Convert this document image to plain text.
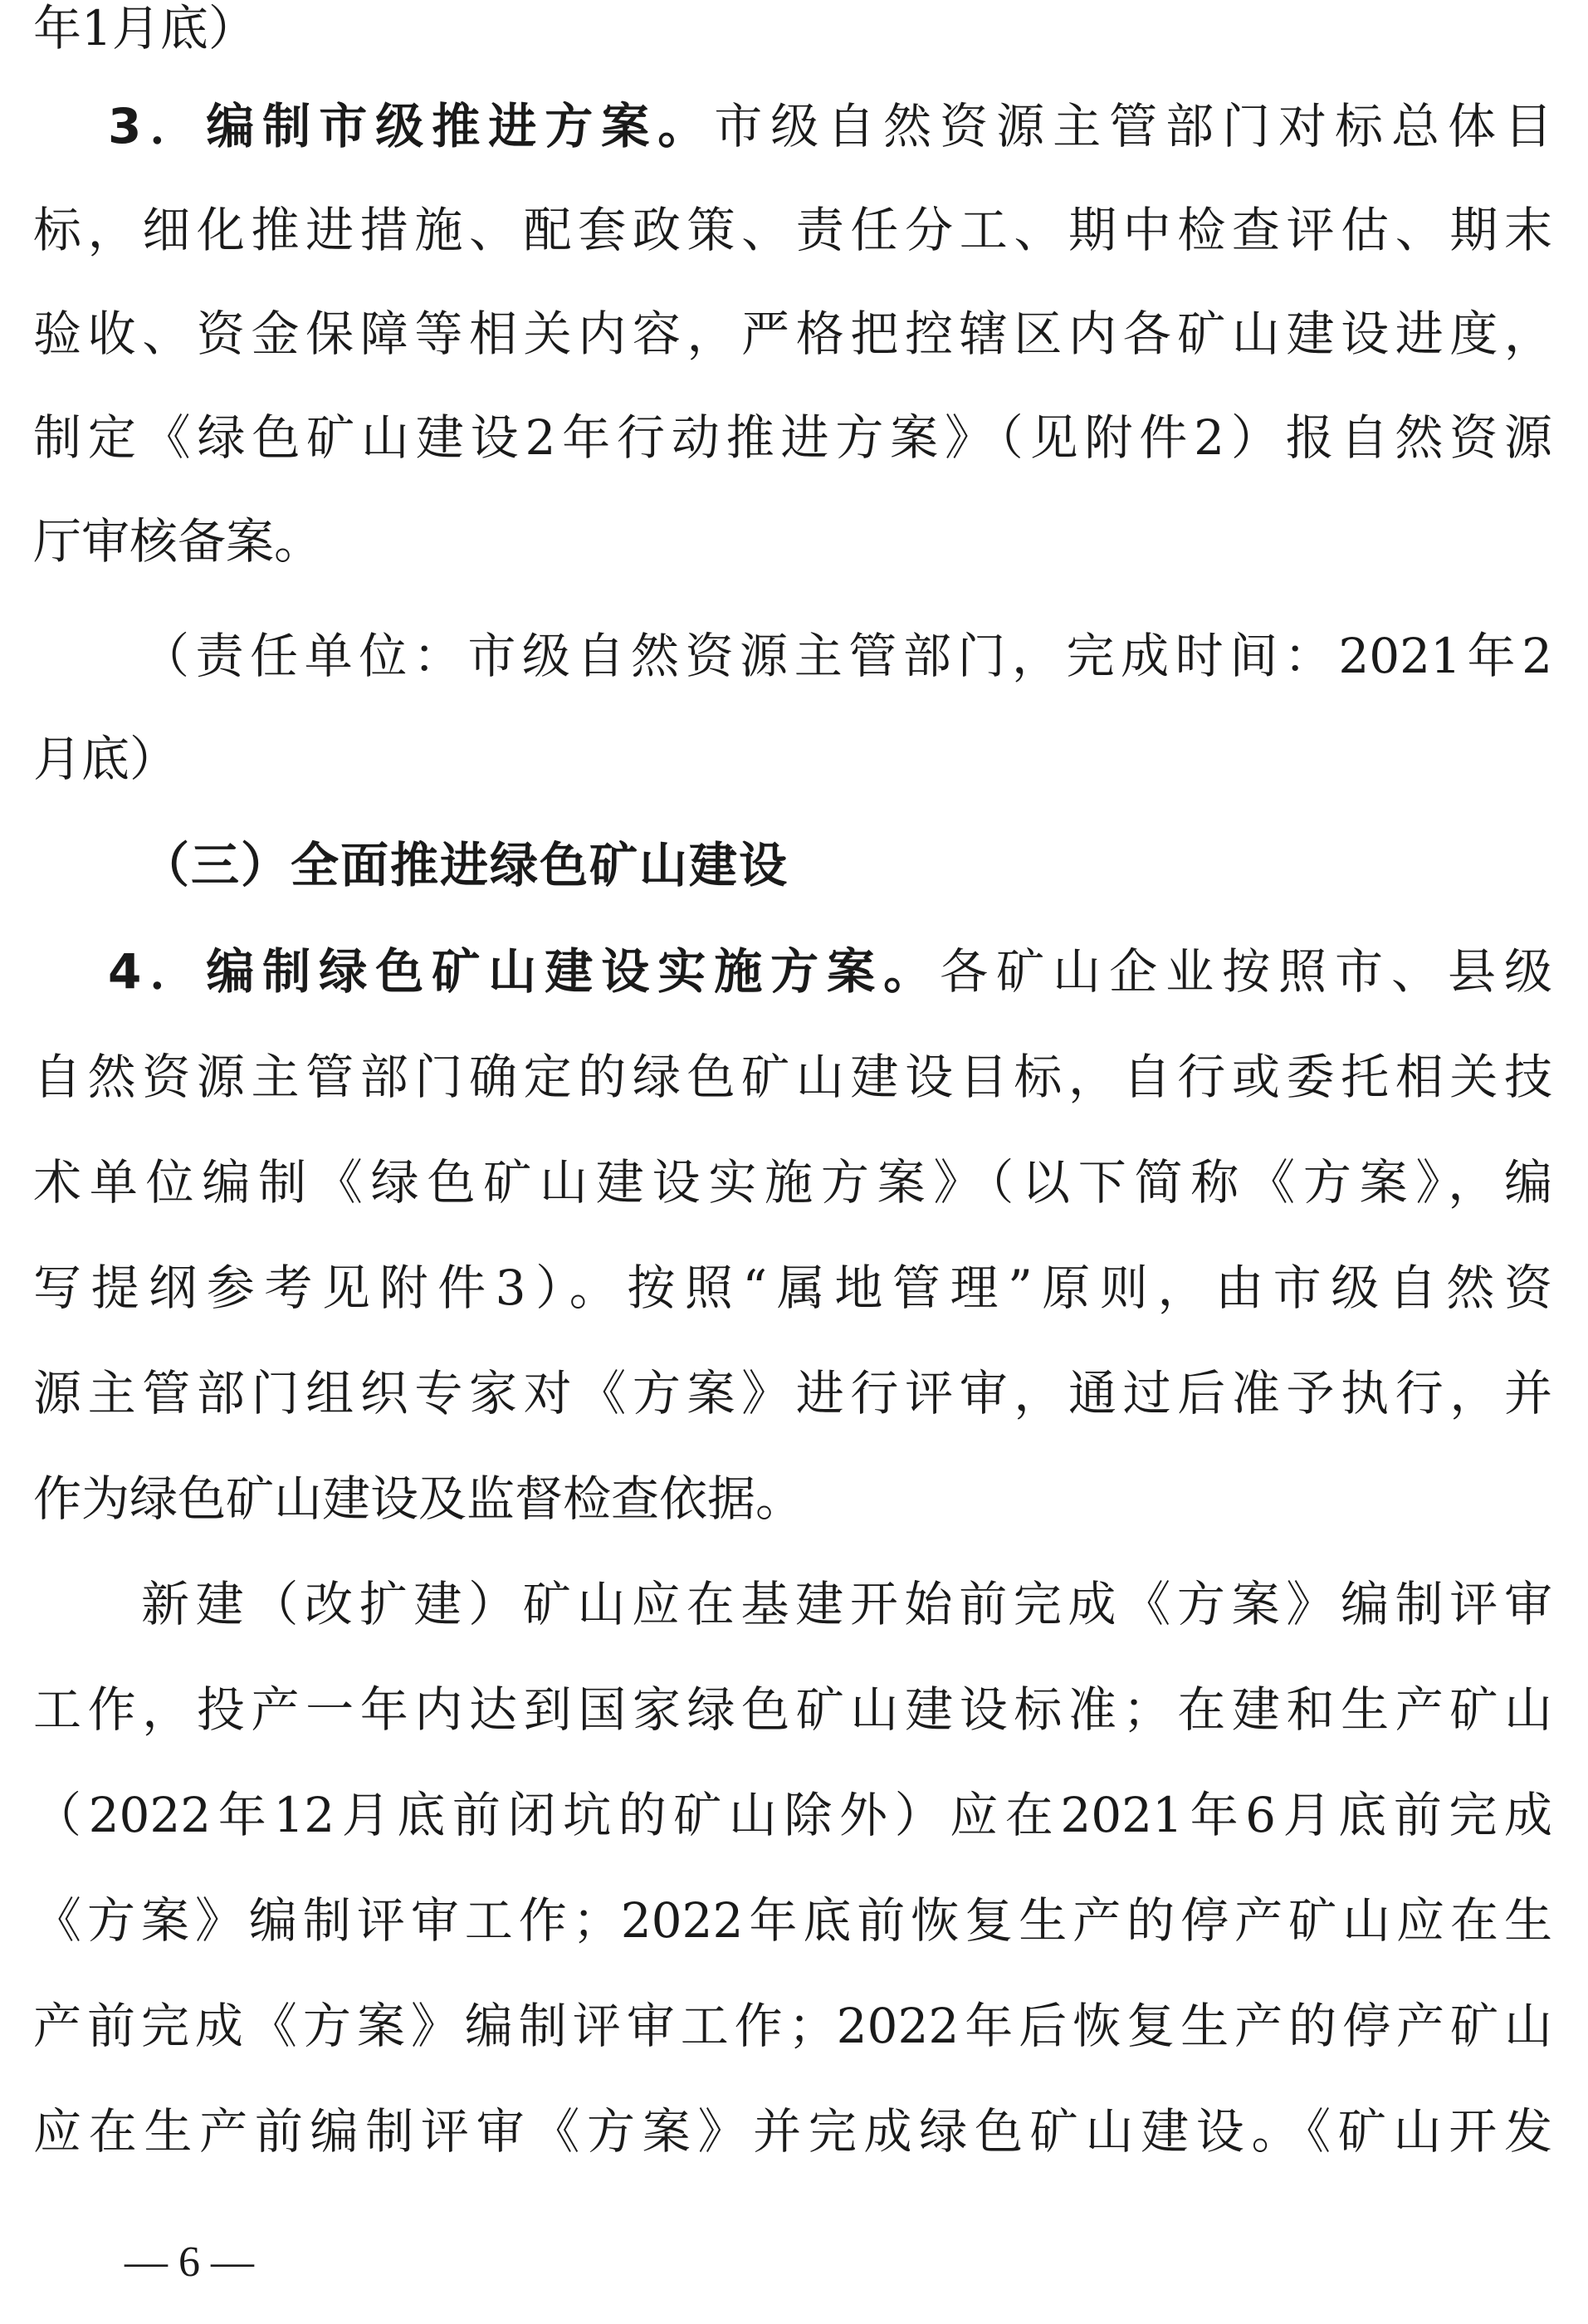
年1月底）
3．编制市级推进方案。市级自然资源主管部门对标总体目
标，细化推进措施、配套政策、责任分工、期中检查评估、期末
验收、资金保障等相关内容，严格把控辖区内各矿山建设进度，
制定《绿色矿山建设2年行动推进方案》（见附件2）报自然资源
厅审核备案。
（责任单位：市级自然资源主管部门，完成时间：2021年2
月底）
（三）全面推进绿色矿山建设
4．编制绿色矿山建设实施方案。各矿山企业按照市、县级
自然资源主管部门确定的绿色矿山建设目标，自行或委托相关技
术单位编制《绿色矿山建设实施方案》（以下简称《方案》，编
写提纲参考见附件3）。按照“属地管理”原则，由市级自然资
源主管部门组织专家对《方案》进行评审，通过后准予执行，并
作为绿色矿山建设及监督检查依据。
新建（改扩建）矿山应在基建开始前完成《方案》编制评审
工作，投产一年内达到国家绿色矿山建设标准；在建和生产矿山
（2022年12月底前闭坑的矿山除外）应在2021年6月底前完成
《方案》编制评审工作；2022年底前恢复生产的停产矿山应在生
产前完成《方案》编制评审工作；2022年后恢复生产的停产矿山
应在生产前编制评审《方案》并完成绿色矿山建设。《矿山开发
— 6 —
